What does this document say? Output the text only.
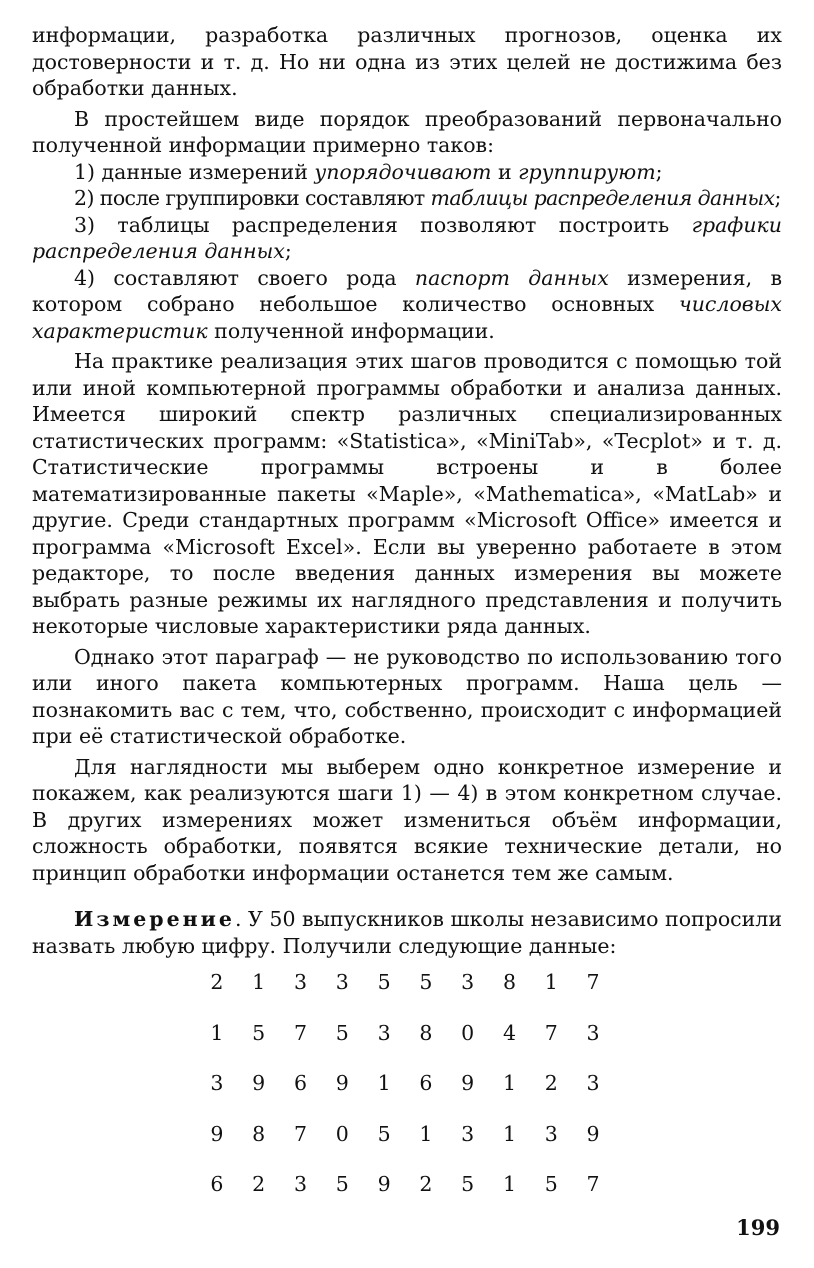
информации, разработка различных прогнозов, оценка их достоверности и т. д. Но ни одна из этих целей не достижима без обработки данных.

В простейшем виде порядок преобразований первоначально полученной информации примерно таков:

1) данные измерений упорядочивают и группируют;

2) после группировки составляют таблицы распределения данных;

3) таблицы распределения позволяют построить графики распределения данных;

4) составляют своего рода паспорт данных измерения, в котором собрано небольшое количество основных числовых характеристик полученной информации.

На практике реализация этих шагов проводится с помощью той или иной компьютерной программы обработки и анализа данных. Имеется широкий спектр различных специализированных статистических программ: «Statistica», «MiniTab», «Tecplot» и т. д. Статистические программы встроены и в более математизированные пакеты «Maple», «Mathematica», «MatLab» и другие. Среди стандартных программ «Microsoft Office» имеется и программа «Microsoft Excel». Если вы уверенно работаете в этом редакторе, то после введения данных измерения вы можете выбрать разные режимы их наглядного представления и получить некоторые числовые характеристики ряда данных.

Однако этот параграф — не руководство по использованию того или иного пакета компьютерных программ. Наша цель — познакомить вас с тем, что, собственно, происходит с информацией при её статистической обработке.

Для наглядности мы выберем одно конкретное измерение и покажем, как реализуются шаги 1) — 4) в этом конкретном случае. В других измерениях может измениться объём информации, сложность обработки, появятся всякие технические детали, но принцип обработки информации останется тем же самым.

Измерение. У 50 выпускников школы независимо попросили назвать любую цифру. Получили следующие данные:

2	1	3	3	5	5	3	8	1	7
1	5	7	5	3	8	0	4	7	3
3	9	6	9	1	6	9	1	2	3
9	8	7	0	5	1	3	1	3	9
6	2	3	5	9	2	5	1	5	7
199
